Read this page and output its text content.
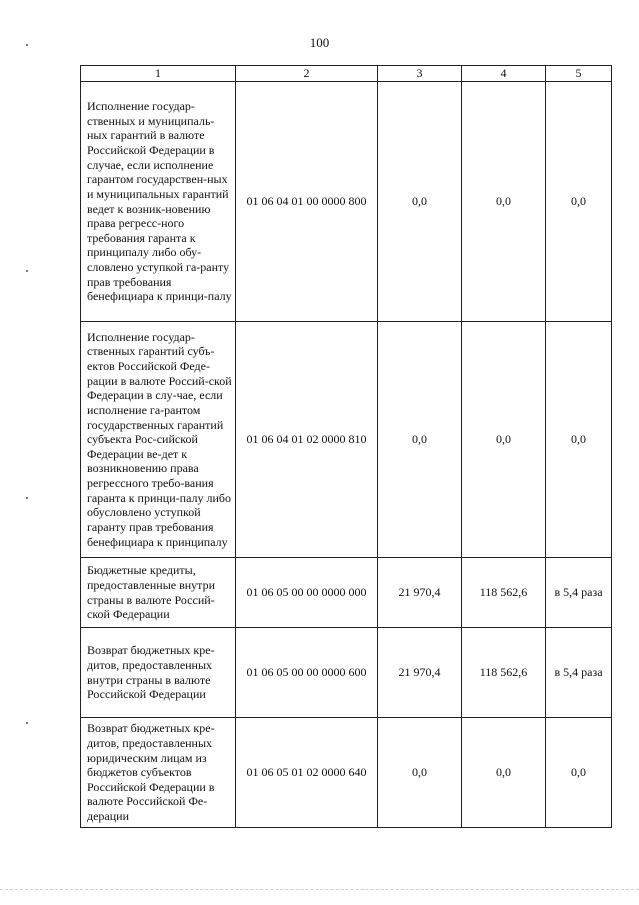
100
1	2	3	4	5
Исполнение государ-ственных и муниципаль-ных гарантий в валюте Российской Федерации в случае, если исполнение гарантом государствен-ных и муниципальных гарантий ведет к возник-новению права регресс-ного требования гаранта к принципалу либо обу-словлено уступкой га-ранту прав требования бенефициара к принци-палу	01 06 04 01 00 0000 800	0,0	0,0	0,0
Исполнение государ-ственных гарантий субъ-ектов Российской Феде-рации в валюте Россий-ской Федерации в слу-чае, если исполнение га-рантом государственных гарантий субъекта Рос-сийской Федерации ве-дет к возникновению права регрессного требо-вания гаранта к принци-палу либо обусловлено уступкой гаранту прав требования бенефициара к принципалу	01 06 04 01 02 0000 810	0,0	0,0	0,0
Бюджетные кредиты, предоставленные внутри страны в валюте Россий-ской Федерации	01 06 05 00 00 0000 000	21 970,4	118 562,6	в 5,4 раза
Возврат бюджетных кре-дитов, предоставленных внутри страны в валюте Российской Федерации	01 06 05 00 00 0000 600	21 970,4	118 562,6	в 5,4 раза
Возврат бюджетных кре-дитов, предоставленных юридическим лицам из бюджетов субъектов Российской Федерации в валюте Российской Фе-дерации	01 06 05 01 02 0000 640	0,0	0,0	0,0
